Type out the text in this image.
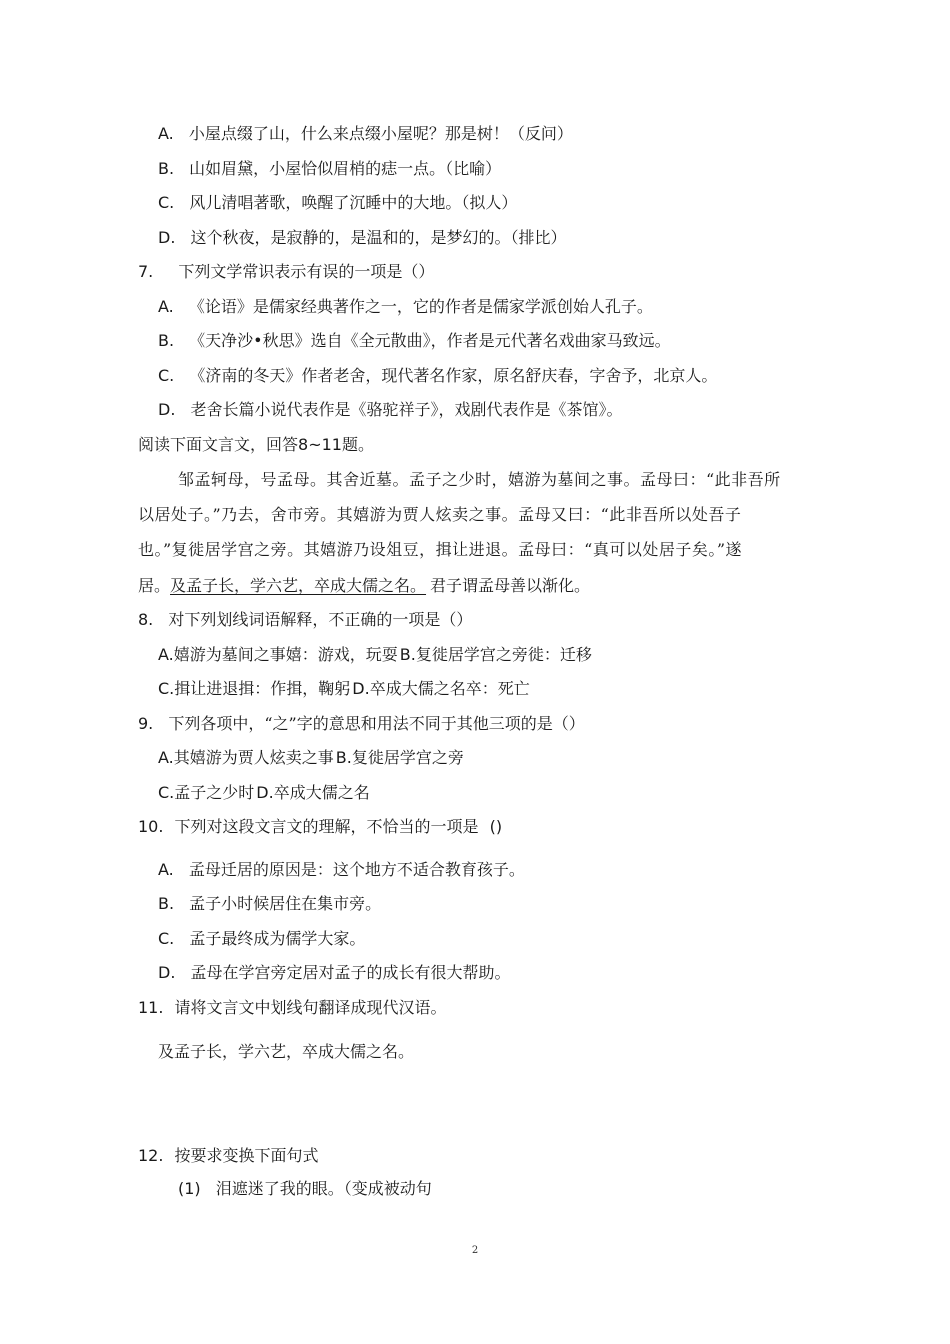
A. 小屋点缀了山，什么来点缀小屋呢？那是树！（反问）
B. 山如眉黛，小屋恰似眉梢的痣一点。（比喻）
C. 风儿清唱著歌，唤醒了沉睡中的大地。（拟人）
D. 这个秋夜，是寂静的，是温和的，是梦幻的。（排比）
7. 下列文学常识表示有误的一项是（）
A. 《论语》是儒家经典著作之一，它的作者是儒家学派创始人孔子。
B. 《天净沙•秋思》选自《全元散曲》，作者是元代著名戏曲家马致远。
C. 《济南的冬天》作者老舍，现代著名作家，原名舒庆春，字舍予，北京人。
D. 老舍长篇小说代表作是《骆驼祥子》，戏剧代表作是《茶馆》。
阅读下面文言文，回答8~11题。
邹孟轲母，号孟母。其舍近墓。孟子之少时，嬉游为墓间之事。孟母曰：“此非吾所
以居处子。”乃去，舍市旁。其嬉游为贾人炫卖之事。孟母又曰：“此非吾所以处吾子
也。”复徙居学宫之旁。其嬉游乃设俎豆，揖让进退。孟母曰：“真可以处居子矣。”遂
居。及孟子长，学六艺，卒成大儒之名。 君子谓孟母善以渐化。
8. 对下列划线词语解释，不正确的一项是（）
A.嬉游为墓间之事嬉：游戏，玩耍 B.复徙居学宫之旁徙：迁移
C.揖让进退揖：作揖，鞠躬 D.卒成大儒之名卒：死亡
9. 下列各项中，“之”字的意思和用法不同于其他三项的是（）
A.其嬉游为贾人炫卖之事 B.复徙居学宫之旁
C.孟子之少时 D.卒成大儒之名
10. 下列对这段文言文的理解，不恰当的一项是 ()
A. 孟母迁居的原因是：这个地方不适合教育孩子。
B. 孟子小时候居住在集市旁。
C. 孟子最终成为儒学大家。
D. 孟母在学宫旁定居对孟子的成长有很大帮助。
11. 请将文言文中划线句翻译成现代汉语。
及孟子长，学六艺，卒成大儒之名。
12. 按要求变换下面句式
(1) 泪遮迷了我的眼。（变成被动句
2
